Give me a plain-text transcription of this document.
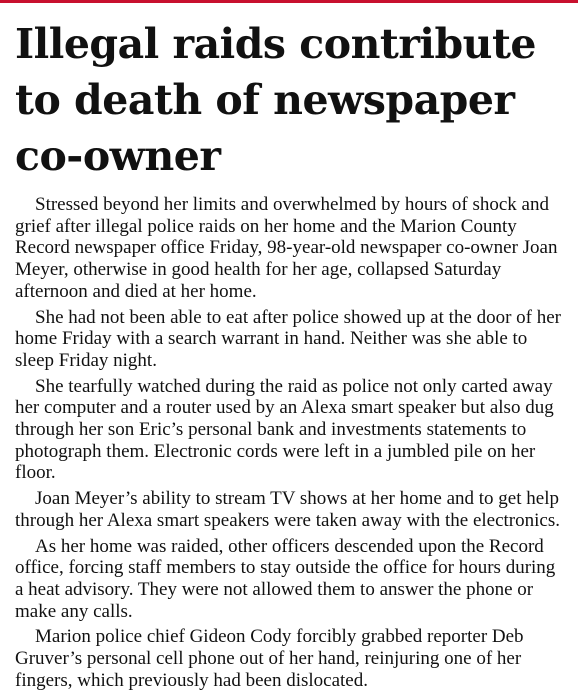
Illegal raids contribute to death of newspaper co-owner

Stressed beyond her limits and overwhelmed by hours of shock and grief after illegal police raids on her home and the Marion County Record newspaper office Friday, 98-year-old newspaper co-owner Joan Meyer, otherwise in good health for her age, collapsed Saturday afternoon and died at her home.

She had not been able to eat after police showed up at the door of her home Friday with a search warrant in hand. Neither was she able to sleep Friday night.

She tearfully watched during the raid as police not only carted away her computer and a router used by an Alexa smart speaker but also dug through her son Eric’s personal bank and investments statements to photograph them. Electronic cords were left in a jumbled pile on her floor.

Joan Meyer’s ability to stream TV shows at her home and to get help through her Alexa smart speakers were taken away with the electronics.

As her home was raided, other officers descended upon the Record office, forcing staff members to stay outside the office for hours during a heat advisory. They were not allowed them to answer the phone or make any calls.

Marion police chief Gideon Cody forcibly grabbed reporter Deb Gruver’s personal cell phone out of her hand, reinjuring one of her fingers, which previously had been dislocated.
